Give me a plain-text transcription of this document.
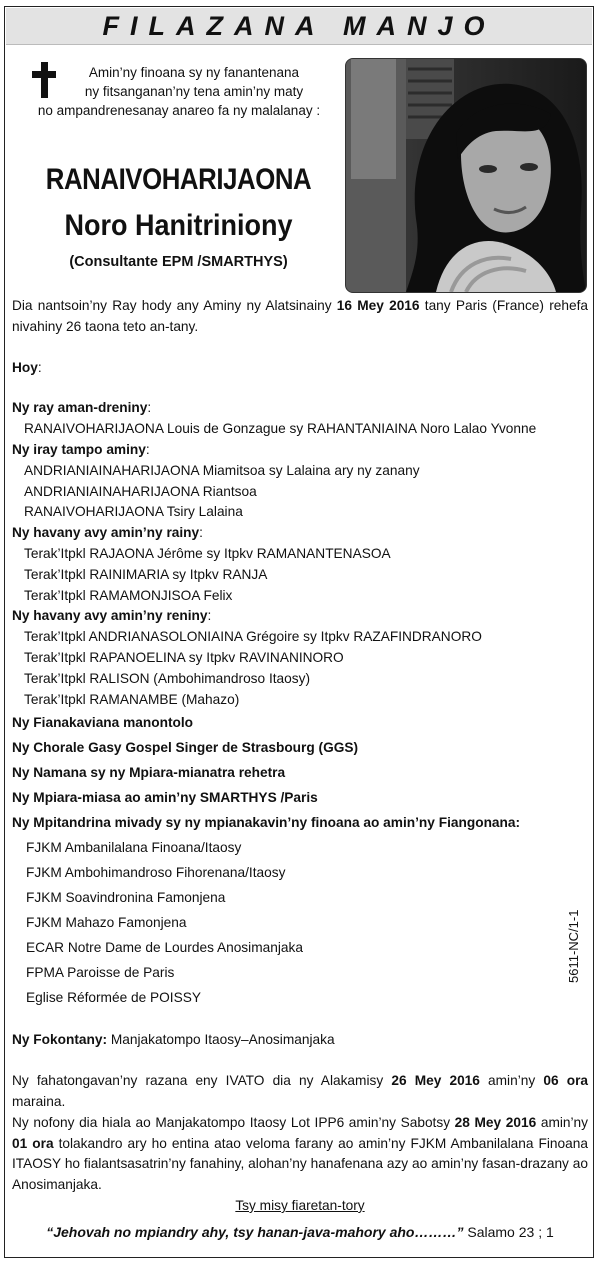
FILAZANA MANJO
Amin’ny finoana sy ny fanantenana
ny fitsanganan’ny tena amin’ny maty
no ampandrenesanay anareo fa ny malalanay :
RANAIVOHARIJAONA
Noro Hanitriniony
(Consultante EPM /SMARTHYS)

Dia nantsoin’ny Ray hody any Aminy ny Alatsinainy 16 Mey 2016 tany Paris (France) rehefa nivahiny 26 taona teto an-tany.

Hoy:

Ny ray aman-dreniny:

RANAIVOHARIJAONA Louis de Gonzague sy RAHANTANIAINA Noro Lalao Yvonne

Ny iray tampo aminy:

ANDRIANIAINAHARIJAONA Miamitsoa sy Lalaina ary ny zanany

ANDRIANIAINAHARIJAONA Riantsoa

RANAIVOHARIJAONA Tsiry Lalaina

Ny havany avy amin’ny rainy:

Terak’Itpkl RAJAONA Jérôme sy Itpkv RAMANANTENASOA

Terak’Itpkl RAINIMARIA sy Itpkv RANJA

Terak’Itpkl RAMAMONJISOA Felix

Ny havany avy amin’ny reniny:

Terak’Itpkl ANDRIANASOLONIAINA Grégoire sy Itpkv RAZAFINDRANORO

Terak’Itpkl RAPANOELINA sy Itpkv RAVINANINORO

Terak’Itpkl RALISON (Ambohimandroso Itaosy)

Terak’Itpkl RAMANAMBE (Mahazo)

Ny Fianakaviana manontolo

Ny Chorale Gasy Gospel Singer de Strasbourg (GGS)

Ny Namana sy ny Mpiara-mianatra rehetra

Ny Mpiara-miasa ao amin’ny SMARTHYS /Paris

Ny Mpitandrina mivady sy ny mpianakavin’ny finoana ao amin’ny Fiangonana:

FJKM Ambanilalana Finoana/Itaosy

FJKM Ambohimandroso Fihorenana/Itaosy

FJKM Soavindronina Famonjena

FJKM Mahazo Famonjena

ECAR Notre Dame de Lourdes Anosimanjaka

FPMA Paroisse de Paris

Eglise Réformée de POISSY

Ny Fokontany: Manjakatompo Itaosy–Anosimanjaka

Ny fahatongavan’ny razana eny IVATO dia ny Alakamisy 26 Mey 2016 amin’ny 06 ora maraina.

Ny nofony dia hiala ao Manjakatompo Itaosy Lot IPP6 amin’ny Sabotsy 28 Mey 2016 amin’ny 01 ora tolakandro ary ho entina atao veloma farany ao amin’ny FJKM Ambanilalana Finoana ITAOSY ho fialantsasatrin’ny fanahiny, alohan’ny hanafenana azy ao amin’ny fasan-drazany ao Anosimanjaka.

Tsy misy fiaretan-tory

“Jehovah no mpiandry ahy, tsy hanan-java-mahory aho………” Salamo 23 ; 1
5611-NC/1-1
